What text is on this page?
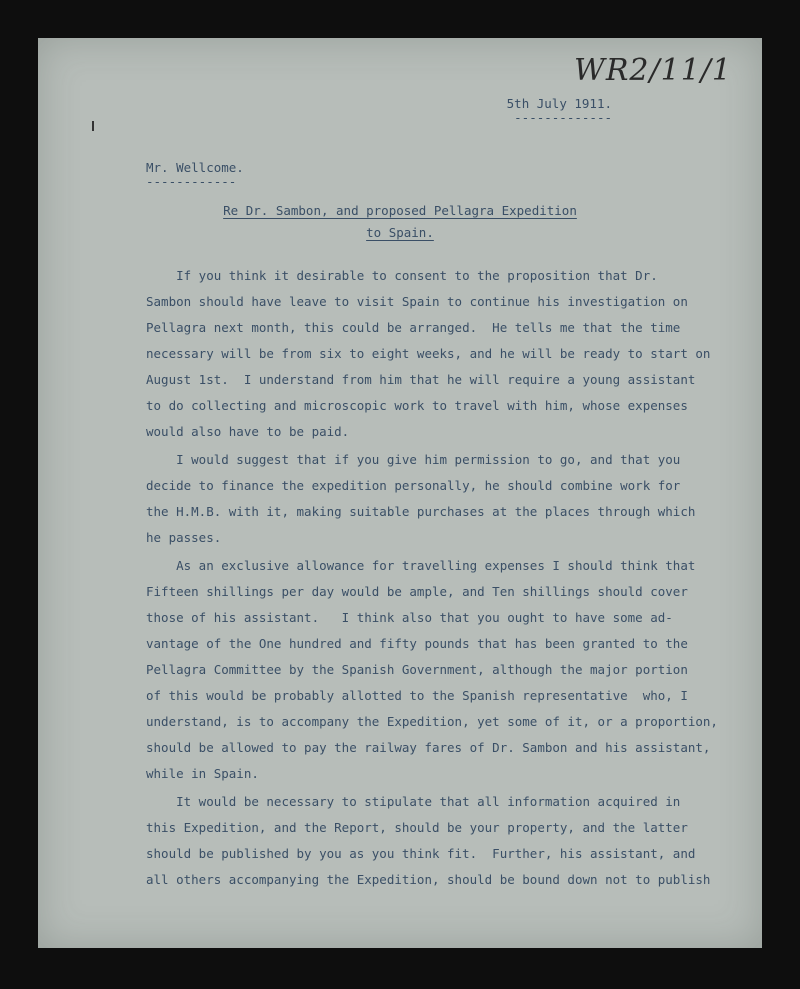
WR2/11/1
5th July 1911.
-------------
Mr. Wellcome.
------------
Re Dr. Sambon, and proposed Pellagra Expedition
to Spain.
If you think it desirable to consent to the proposition that Dr.
Sambon should have leave to visit Spain to continue his investigation on
Pellagra next month, this could be arranged.  He tells me that the time
necessary will be from six to eight weeks, and he will be ready to start on
August 1st.  I understand from him that he will require a young assistant
to do collecting and microscopic work to travel with him, whose expenses
would also have to be paid.
I would suggest that if you give him permission to go, and that you
decide to finance the expedition personally, he should combine work for
the H.M.B. with it, making suitable purchases at the places through which
he passes.
As an exclusive allowance for travelling expenses I should think that
Fifteen shillings per day would be ample, and Ten shillings should cover
those of his assistant.   I think also that you ought to have some ad-
vantage of the One hundred and fifty pounds that has been granted to the
Pellagra Committee by the Spanish Government, although the major portion
of this would be probably allotted to the Spanish representative  who, I
understand, is to accompany the Expedition, yet some of it, or a proportion,
should be allowed to pay the railway fares of Dr. Sambon and his assistant,
while in Spain.
It would be necessary to stipulate that all information acquired in
this Expedition, and the Report, should be your property, and the latter
should be published by you as you think fit.  Further, his assistant, and
all others accompanying the Expedition, should be bound down not to publish
